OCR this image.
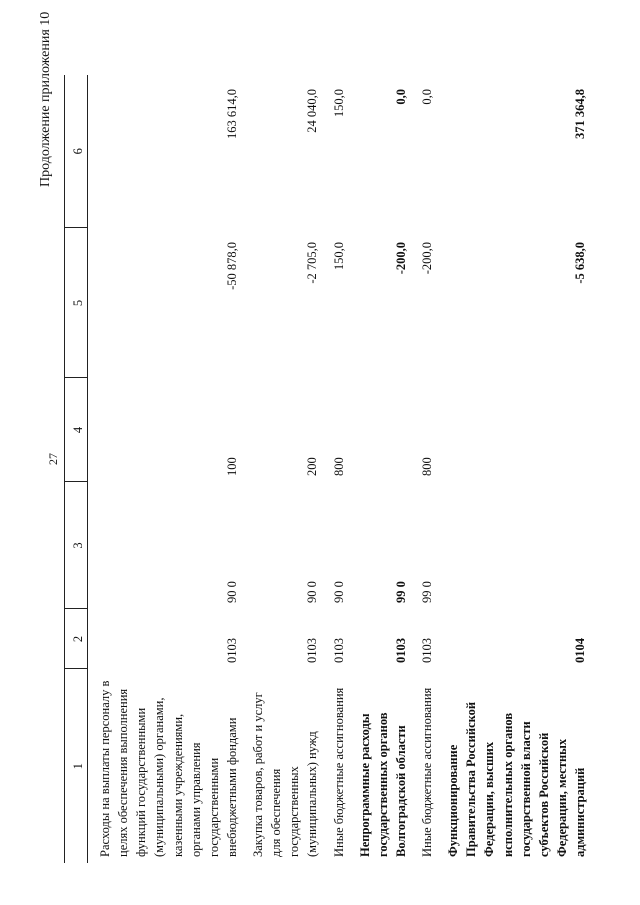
27
Продолжение приложения 10
1	2	3	4	5	6
Расходы на выплаты персоналу в целях обеспечения выполнения функций государственными (муниципальными) органами, казенными учреждениями, органами управления государственными внебюджетными фондами	0103	90 0	100	-50 878,0	163 614,0
Закупка товаров, работ и услуг для обеспечения государственных (муниципальных) нужд	0103	90 0	200	-2 705,0	24 040,0
Иные бюджетные ассигнования	0103	90 0	800	150,0	150,0
Непрограммные расходы государственных органов Волгоградской области	0103	99 0		-200,0	0,0
Иные бюджетные ассигнования	0103	99 0	800	-200,0	0,0
Функционирование Правительства Российской Федерации, высших исполнительных органов государственной власти субъектов Российской Федерации, местных администраций	0104			-5 638,0	371 364,8
